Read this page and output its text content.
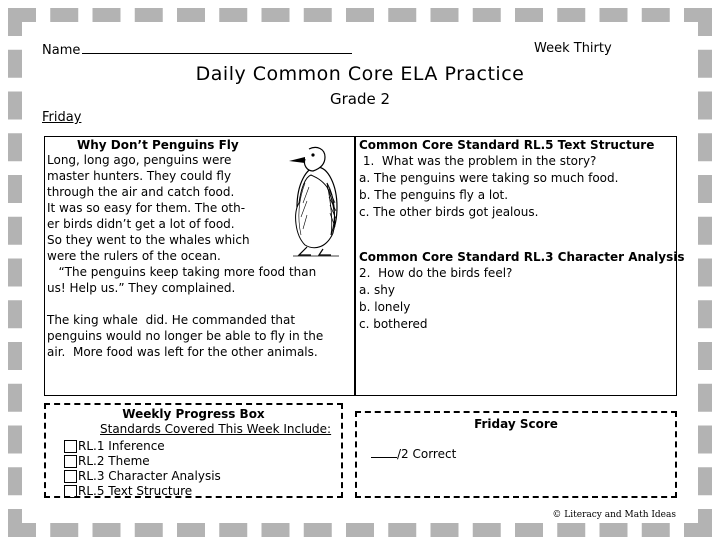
Name	Week Thirty
Daily Common Core ELA Practice
Grade 2
Friday
Why Don’t Penguins Fly
Long, long ago, penguins were
master hunters. They could fly
through the air and catch food.
It was so easy for them. The oth-
er birds didn’t get a lot of food.
So they went to the whales which
were the rulers of the ocean.
“The penguins keep taking more food than
us! Help us.” They complained.
The king whale  did. He commanded that
penguins would no longer be able to fly in the
air.  More food was left for the other animals.
Common Core Standard RL.5 Text Structure
1.  What was the problem in the story?
a. The penguins were taking so much food.
b. The penguins fly a lot.
c. The other birds got jealous.
Common Core Standard RL.3 Character Analysis
2.  How do the birds feel?
a. shy
b. lonely
c. bothered
Weekly Progress Box
Standards Covered This Week Include:
RL.1 Inference
RL.2 Theme
RL.3 Character Analysis
RL.5 Text Structure
Friday Score
/2 Correct
© Literacy and Math Ideas
